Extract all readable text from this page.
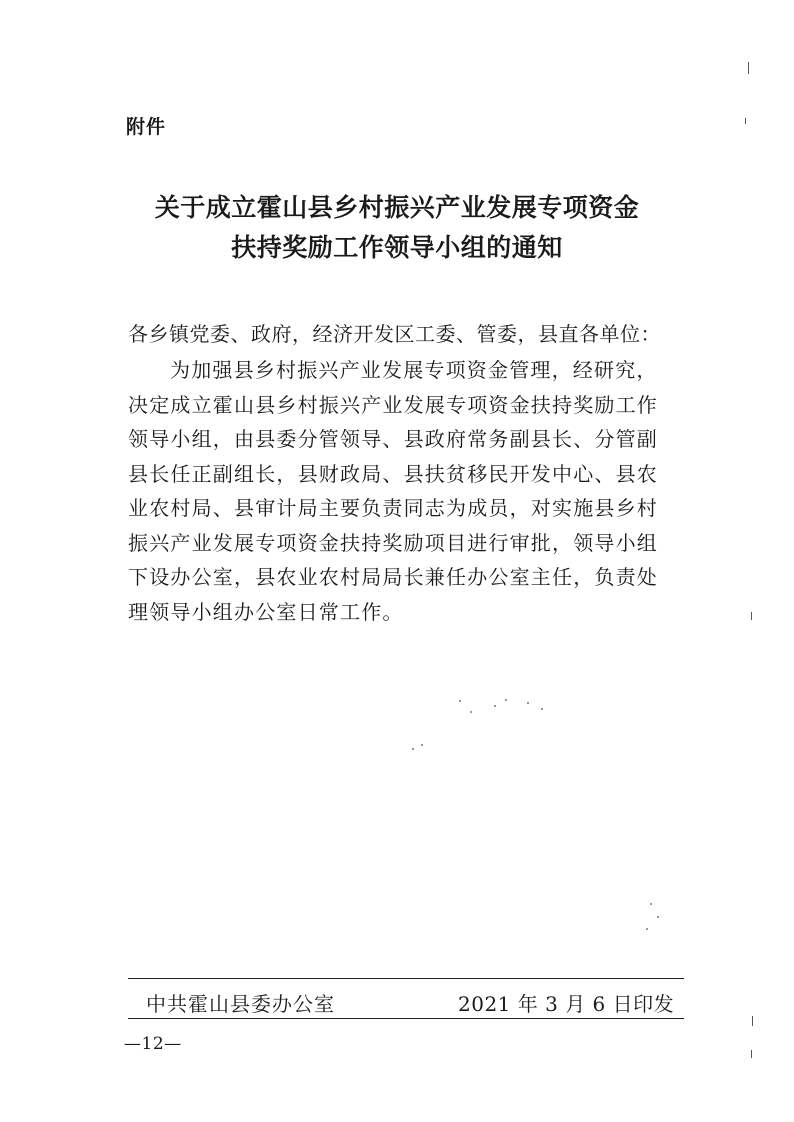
附件
关于成立霍山县乡村振兴产业发展专项资金
扶持奖励工作领导小组的通知
各乡镇党委、政府，经济开发区工委、管委，县直各单位：
为加强县乡村振兴产业发展专项资金管理，经研究，
决定成立霍山县乡村振兴产业发展专项资金扶持奖励工作
领导小组，由县委分管领导、县政府常务副县长、分管副
县长任正副组长，县财政局、县扶贫移民开发中心、县农
业农村局、县审计局主要负责同志为成员，对实施县乡村
振兴产业发展专项资金扶持奖励项目进行审批，领导小组
下设办公室，县农业农村局局长兼任办公室主任，负责处
理领导小组办公室日常工作。
中共霍山县委办公室	2021 年 3 月 6 日印发
—12—
